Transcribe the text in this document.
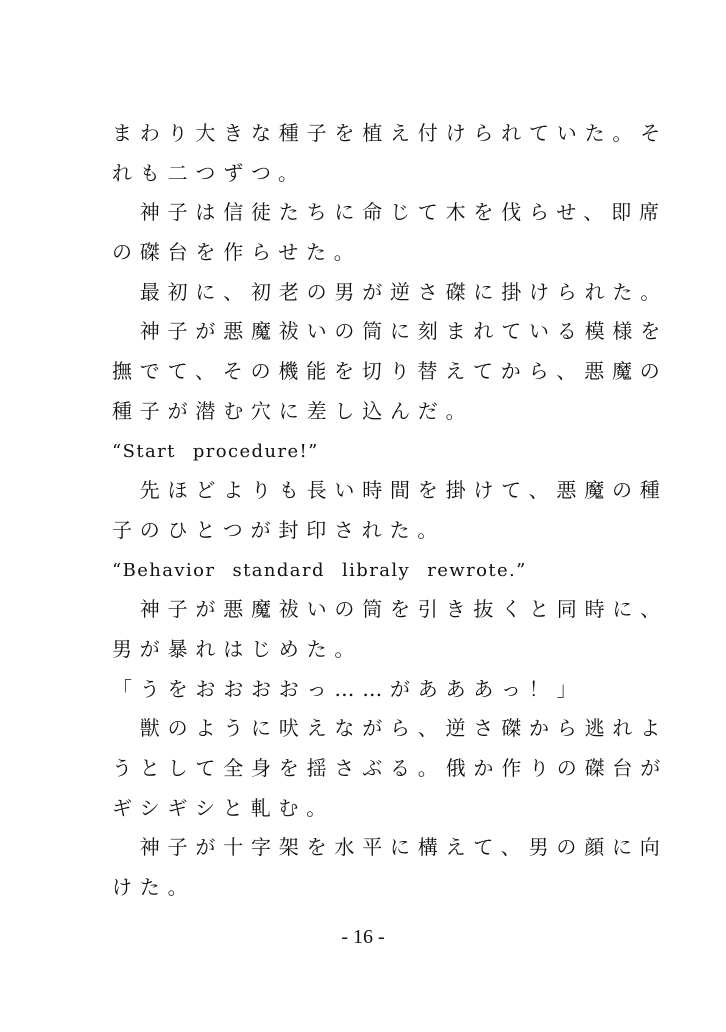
まわり大きな種子を植え付けられていた。そ
れも二つずつ。
　神子は信徒たちに命じて木を伐らせ、即席
の磔台を作らせた。
　最初に、初老の男が逆さ磔に掛けられた。
　神子が悪魔祓いの筒に刻まれている模様を
撫でて、その機能を切り替えてから、悪魔の
種子が潜む穴に差し込んだ。
“Start procedure!”
　先ほどよりも長い時間を掛けて、悪魔の種
子のひとつが封印された。
“Behavior standard libraly rewrote.”
　神子が悪魔祓いの筒を引き抜くと同時に、
男が暴れはじめた。
「うをおおおおっ……があああっ！」
　獣のように吠えながら、逆さ磔から逃れよ
うとして全身を揺さぶる。俄か作りの磔台が
ギシギシと軋む。
　神子が十字架を水平に構えて、男の顔に向
けた。
- 16 -
